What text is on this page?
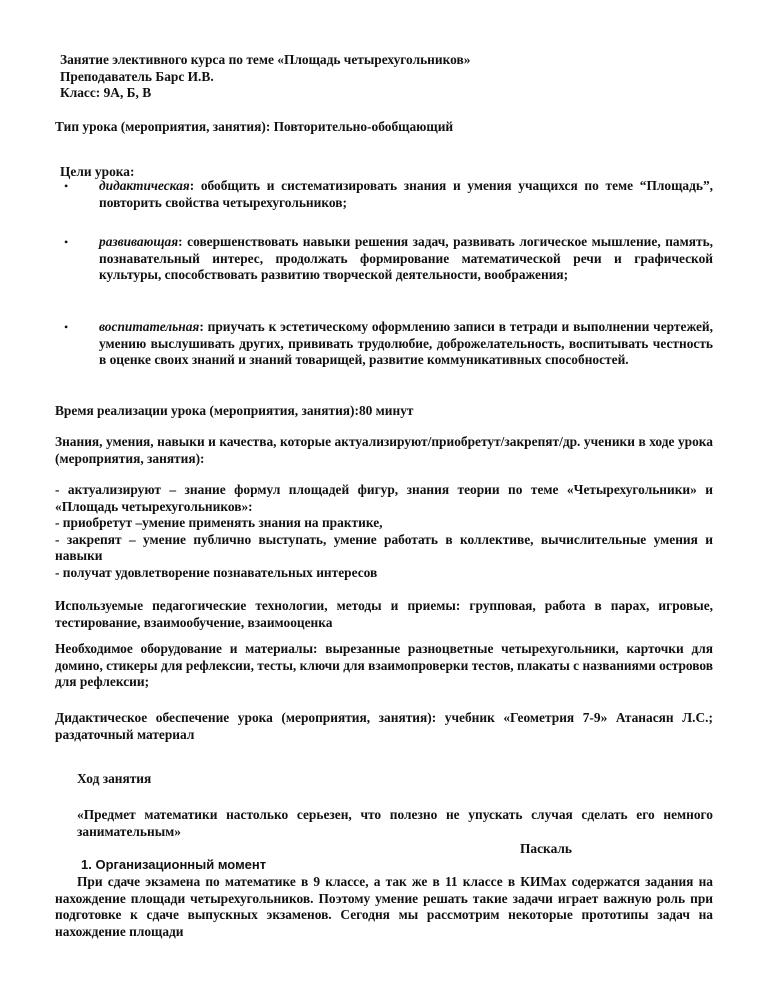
Занятие элективного курса по теме «Площадь четырехугольников»
Преподаватель Барс И.В.
Класс: 9А, Б, В

Тип урока (мероприятия, занятия): Повторительно-обобщающий

Цели урока:

• дидактическая: обобщить и систематизировать знания и умения учащихся по теме “Площадь”, повторить свойства четырехугольников;
• развивающая: совершенствовать навыки решения задач, развивать логическое мышление, память, познавательный интерес, продолжать формирование математической речи и графической культуры, способствовать развитию творческой деятельности, воображения;
• воспитательная: приучать к эстетическому оформлению записи в тетради и выполнении чертежей, умению выслушивать других, прививать трудолюбие, доброжелательность, воспитывать честность в оценке своих знаний и знаний товарищей, развитие коммуникативных способностей.

Время реализации урока (мероприятия, занятия):80 минут

Знания, умения, навыки и качества, которые актуализируют/приобретут/закрепят/др. ученики в ходе урока (мероприятия, занятия):

- актуализируют – знание формул площадей фигур, знания теории по теме «Четырехугольники» и «Площадь четырехугольников»:
- приобретут –умение применять знания на практике,
- закрепят – умение публично выступать, умение работать в коллективе, вычислительные умения и навыки
- получат удовлетворение познавательных интересов

Используемые педагогические технологии, методы и приемы: групповая, работа в парах, игровые, тестирование, взаимообучение, взаимооценка

Необходимое оборудование и материалы: вырезанные разноцветные четырехугольники, карточки для домино, стикеры для рефлексии, тесты, ключи для взаимопроверки тестов, плакаты с названиями островов для рефлексии;

Дидактическое обеспечение урока (мероприятия, занятия): учебник «Геометрия 7-9» Атанасян Л.С.; раздаточный материал

Ход занятия

«Предмет математики настолько серьезен, что полезно не упускать случая сделать его немного занимательным»

Паскаль

1. Организационный момент

При сдаче экзамена по математике в 9 классе, а так же в 11 классе в КИМах содержатся задания на нахождение площади четырехугольников. Поэтому умение решать такие задачи играет важную роль при подготовке к сдаче выпускных экзаменов. Сегодня мы рассмотрим некоторые прототипы задач на нахождение площади
